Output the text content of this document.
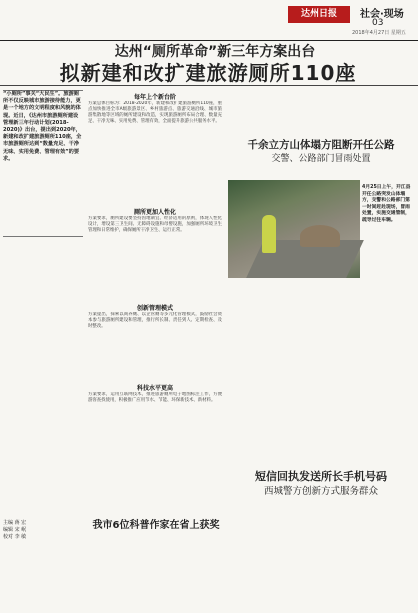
达州日报	社会·现场
03
2018年4月27日 星期五
达州“厕所革命”新三年方案出台
拟新建和改扩建旅游厕所110座
“小厕所”事关“大民生”。旅游厕所不仅反映城市旅游接待能力，更是一个地方的文明程度和风貌的体现。近日，《达州市旅游厕所建设管理新三年行动计划(2018-2020)》出台，提出到2020年，新建和改扩建旅游厕所110座，全市旅游厕所达到“数量充足、干净无味、实用免费、管理有效”的要求。
每年上个新台阶
方案总体目标为：2018-2020年，新建和改扩建旅游厕所110座，重点加快推进全市A级旅游景区、乡村旅游点、旅游交通沿线、城市旅游集散地等区域的厕所建设和改造，实现旅游厕所布局合理、数量充足、干净无味、实用免费、管理有效，全面提升旅游公共服务水平。
厕所更加人性化
方案要求，厕所建设要坚持因地制宜、经济适用的原则，体现人性化设计，增设第三卫生间、无障碍设施和母婴设施，加强厕所环境卫生管理和日常维护，确保厕所干净卫生、运行正常。
创新管理模式
方案提出，探索以商养厕、以企管厕等多元化管理模式，鼓励社会资本参与旅游厕所建设和管理，推行所长制、责任到人、定期检查、及时整改。
科技水平更高
方案要求，运用互联网技术，推进旅游厕所电子地图标注工作，方便游客查找使用，积极推广应用节水、节能、环保新技术、新材料。
千余立方山体塌方阻断开任公路
交警、公路部门冒雨处置
4月25日上午，开江县开任公路突发山体塌方，交警和公路部门第一时间赶赴现场，冒雨处置，实施交通管制，疏导过往车辆。
短信回执发送所长手机号码
西城警方创新方式服务群众
我市6位科普作家在省上获奖
主编 蒋 宏
编辑 宋 岷
校对 李 敏
